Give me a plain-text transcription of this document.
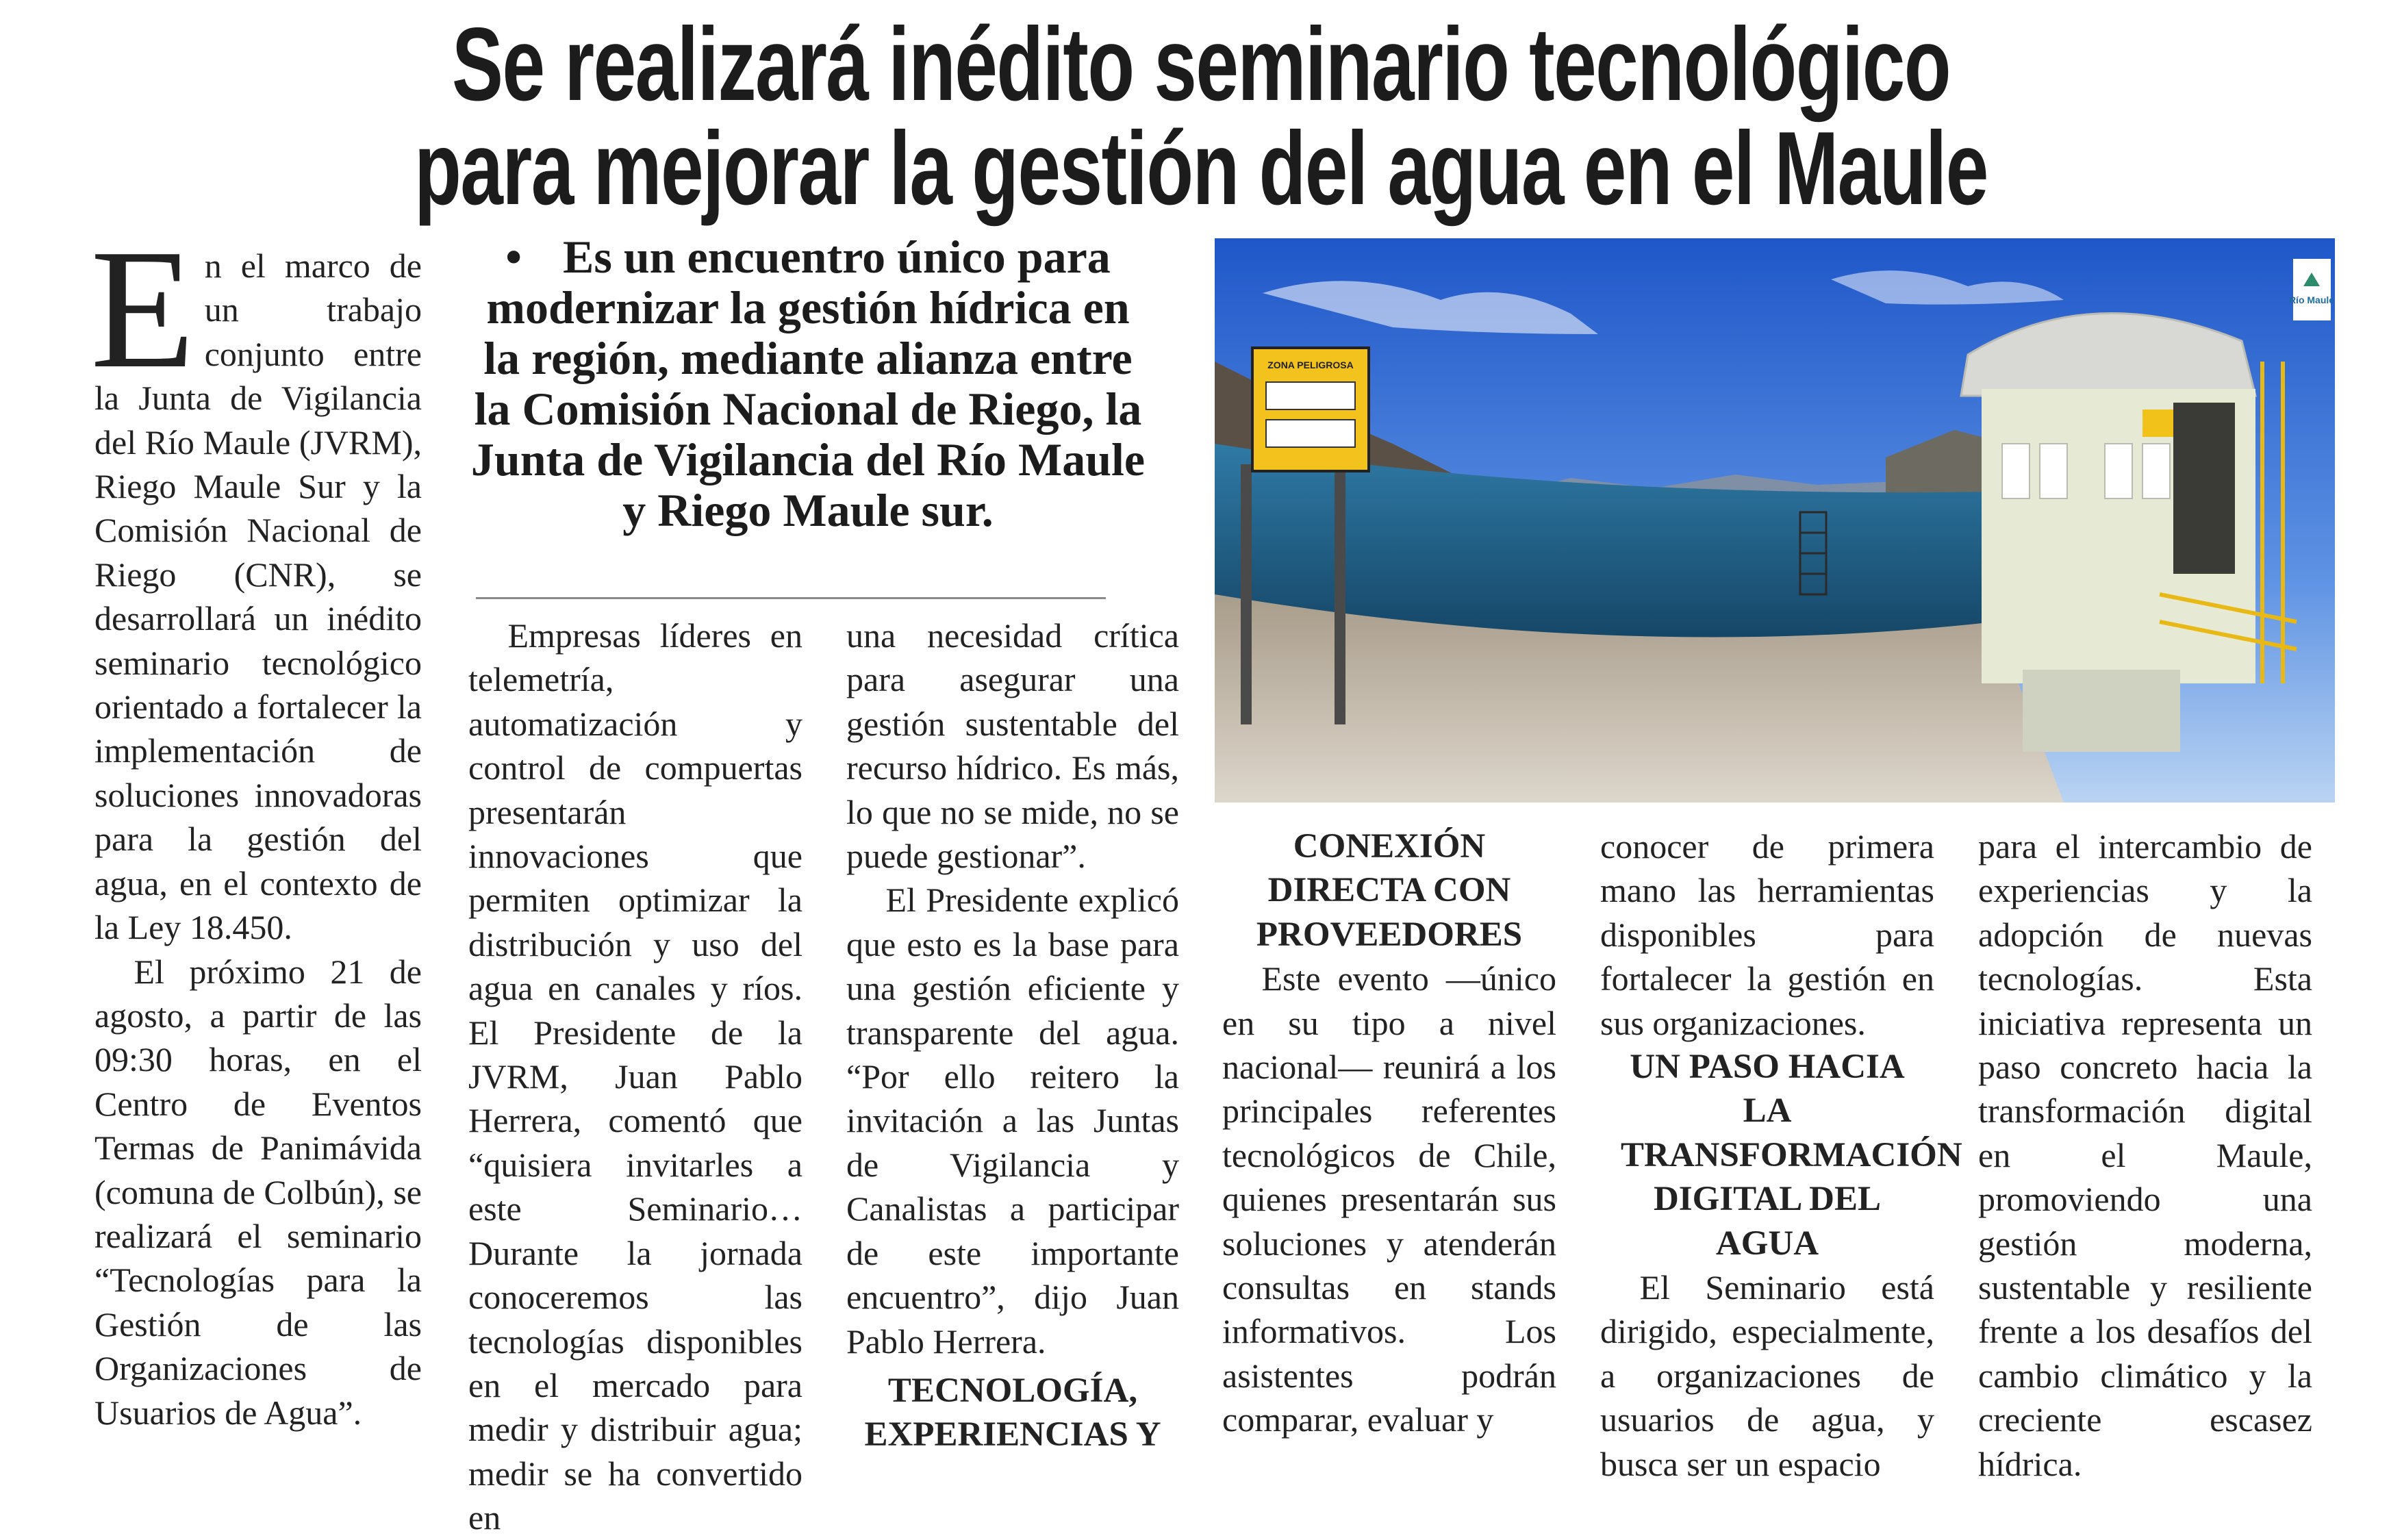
Se realizará inédito seminario tecnológico
para mejorar la gestión del agua en el Maule
E n el marco de un trabajo conjunto entre la Junta de Vigilancia del Río Maule (JVRM), Riego Maule Sur y la Comisión Nacional de Riego (CNR), se desarrollará un inédito seminario tecnológico orientado a fortalecer la implementación de soluciones innovadoras para la gestión del agua, en el contexto de la Ley 18.450.

El próximo 21 de agosto, a partir de las 09:30 horas, en el Centro de Eventos Termas de Panimávida (comuna de Colbún), se realizará el seminario “Tecnologías para la Gestión de las Organizaciones de Usuarios de Agua”.

• Es un encuentro único para modernizar la gestión hídrica en la región, mediante alianza entre la Comisión Nacional de Riego, la Junta de Vigilancia del Río Maule y Riego Maule sur.

Empresas líderes en telemetría, automatización y control de compuertas presentarán innovaciones que permiten optimizar la distribución y uso del agua en canales y ríos. El Presidente de la JVRM, Juan Pablo Herrera, comentó que “quisiera invitarles a este Seminario… Durante la jornada conoceremos las tecnologías disponibles en el mercado para medir y distribuir agua; medir se ha convertido en

una necesidad crítica para asegurar una gestión sustentable del recurso hídrico. Es más, lo que no se mide, no se puede gestionar”.

El Presidente explicó que esto es la base para una gestión eficiente y transparente del agua. “Por ello reitero la invitación a las Juntas de Vigilancia y Canalistas a participar de este importante encuentro”, dijo Juan Pablo Herrera.

TECNOLOGÍA, EXPERIENCIAS Y

ZONA PELIGROSA
Río Maule

CONEXIÓN DIRECTA CON PROVEEDORES

Este evento —único en su tipo a nivel nacional— reunirá a los principales referentes tecnológicos de Chile, quienes presentarán sus soluciones y atenderán consultas en stands informativos. Los asistentes podrán comparar, evaluar y

conocer de primera mano las herramientas disponibles para fortalecer la gestión en sus organizaciones.

UN PASO HACIA LA TRANSFORMACIÓN DIGITAL DEL AGUA

El Seminario está dirigido, especialmente, a organizaciones de usuarios de agua, y busca ser un espacio

para el intercambio de experiencias y la adopción de nuevas tecnologías. Esta iniciativa representa un paso concreto hacia la transformación digital en el Maule, promoviendo una gestión moderna, sustentable y resiliente frente a los desafíos del cambio climático y la creciente escasez hídrica.
